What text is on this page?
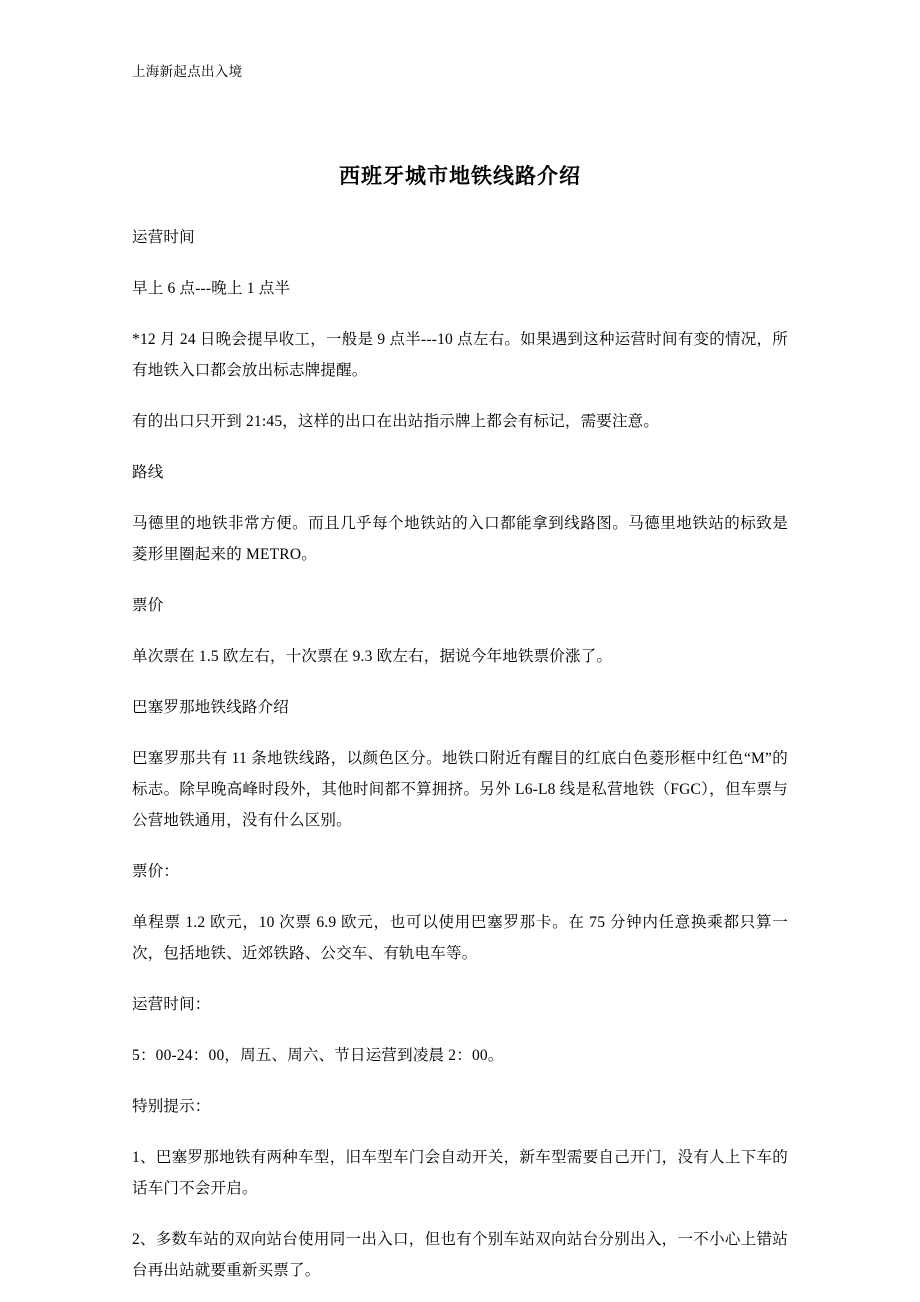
上海新起点出入境
西班牙城市地铁线路介绍

运营时间

早上 6 点---晚上 1 点半

*12 月 24 日晚会提早收工，一般是 9 点半---10 点左右。如果遇到这种运营时间有变的情况，所有地铁入口都会放出标志牌提醒。

有的出口只开到 21:45，这样的出口在出站指示牌上都会有标记，需要注意。

路线

马德里的地铁非常方便。而且几乎每个地铁站的入口都能拿到线路图。马德里地铁站的标致是菱形里圈起来的 METRO。

票价

单次票在 1.5 欧左右，十次票在 9.3 欧左右，据说今年地铁票价涨了。

巴塞罗那地铁线路介绍

巴塞罗那共有 11 条地铁线路，以颜色区分。地铁口附近有醒目的红底白色菱形框中红色“M”的标志。除早晚高峰时段外，其他时间都不算拥挤。另外 L6-L8 线是私营地铁（FGC），但车票与公营地铁通用，没有什么区别。

票价：

单程票 1.2 欧元，10 次票 6.9 欧元，也可以使用巴塞罗那卡。在 75 分钟内任意换乘都只算一次，包括地铁、近郊铁路、公交车、有轨电车等。

运营时间：

5：00-24：00，周五、周六、节日运营到凌晨 2：00。

特别提示：

1、巴塞罗那地铁有两种车型，旧车型车门会自动开关，新车型需要自己开门，没有人上下车的话车门不会开启。

2、多数车站的双向站台使用同一出入口，但也有个别车站双向站台分别出入，一不小心上错站台再出站就要重新买票了。
